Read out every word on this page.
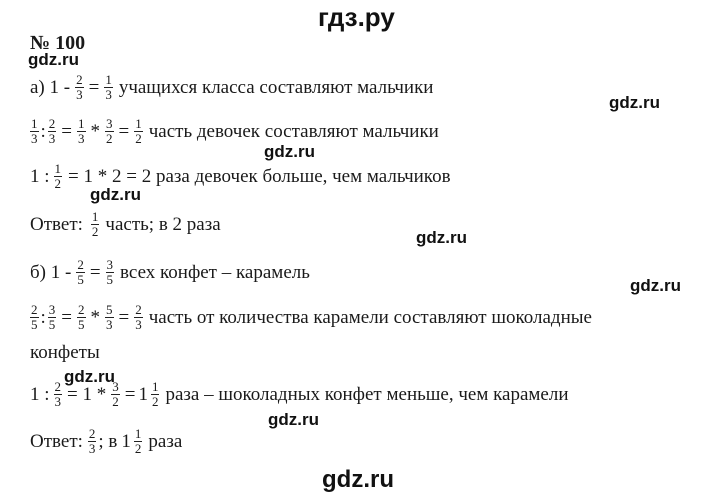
гдз.ру
gdz.ru
gdz.ru
gdz.ru
gdz.ru
gdz.ru
gdz.ru
gdz.ru
gdz.ru
gdz.ru
№ 100
а) $1 - \frac{2}{3} = \frac{1}{3}$ учащихся класса составляют мальчики
$\frac{1}{3}$ : $\frac{2}{3} = \frac{1}{3} * \frac{3}{2} = \frac{1}{2}$ часть девочек составляют мальчики
1 : $\frac{1}{2} = 1 * 2 = 2$ раза девочек больше, чем мальчиков
Ответ: $\frac{1}{2}$ часть; в 2 раза
б) $1 - \frac{2}{5} = \frac{3}{5}$ всех конфет – карамель
$\frac{2}{5}$ : $\frac{3}{5} = \frac{2}{5} * \frac{5}{3} = \frac{2}{3}$ часть от количества карамели составляют шоколадные
конфеты
1 : $\frac{2}{3} = 1 * \frac{3}{2} = 1 \frac{1}{2}$ раза – шоколадных конфет меньше, чем карамели
Ответ: $\frac{2}{3}$ ; в $1 \frac{1}{2}$ раза
